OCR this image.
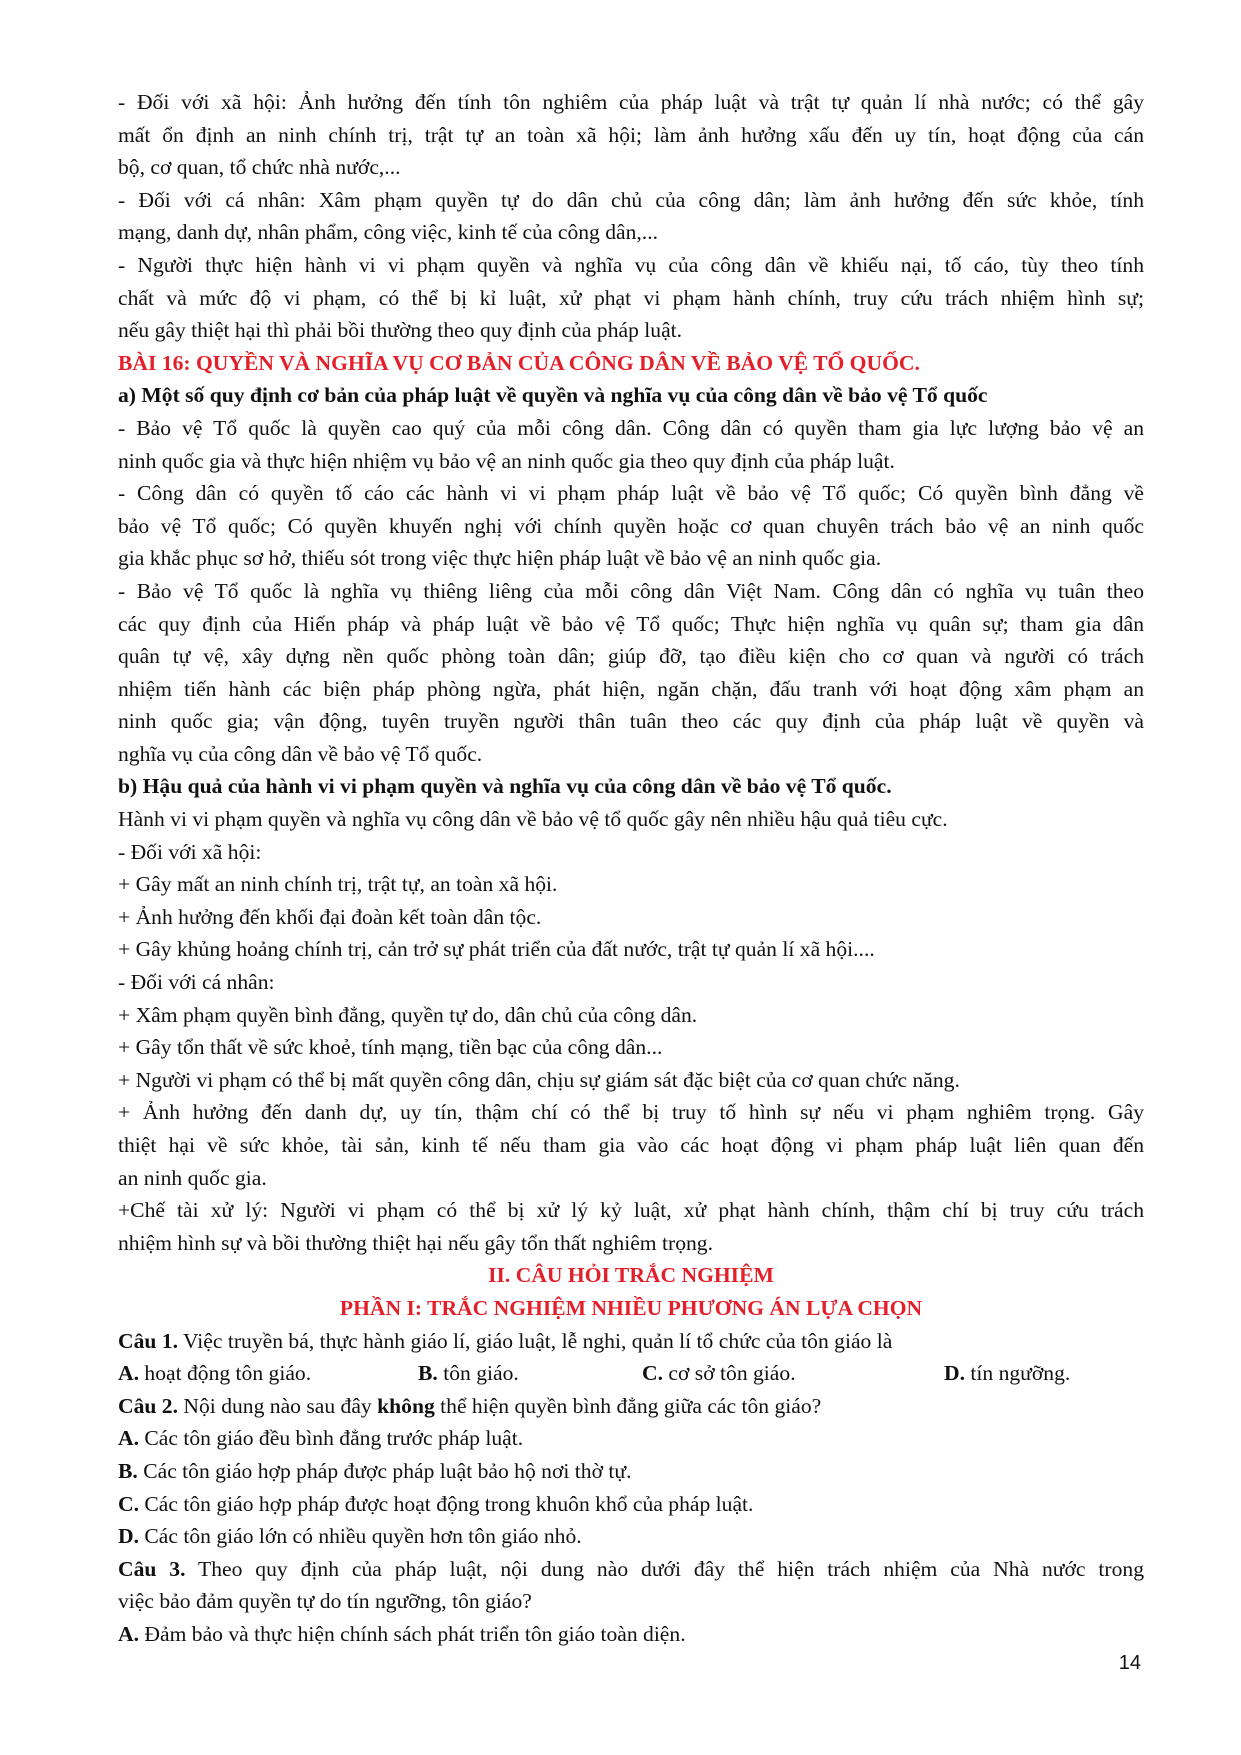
- Đối với xã hội: Ảnh hưởng đến tính tôn nghiêm của pháp luật và trật tự quản lí nhà nước; có thể gây
mất ổn định an ninh chính trị, trật tự an toàn xã hội; làm ảnh hưởng xấu đến uy tín, hoạt động của cán
bộ, cơ quan, tổ chức nhà nước,...
- Đối với cá nhân: Xâm phạm quyền tự do dân chủ của công dân; làm ảnh hưởng đến sức khỏe, tính
mạng, danh dự, nhân phẩm, công việc, kinh tế của công dân,...
- Người thực hiện hành vi vi phạm quyền và nghĩa vụ của công dân về khiếu nại, tố cáo, tùy theo tính
chất và mức độ vi phạm, có thể bị kỉ luật, xử phạt vi phạm hành chính, truy cứu trách nhiệm hình sự;
nếu gây thiệt hại thì phải bồi thường theo quy định của pháp luật.
BÀI 16: QUYỀN VÀ NGHĨA VỤ CƠ BẢN CỦA CÔNG DÂN VỀ BẢO VỆ TỔ QUỐC.
a) Một số quy định cơ bản của pháp luật về quyền và nghĩa vụ của công dân về bảo vệ Tổ quốc
- Bảo vệ Tổ quốc là quyền cao quý của mỗi công dân. Công dân có quyền tham gia lực lượng bảo vệ an
ninh quốc gia và thực hiện nhiệm vụ bảo vệ an ninh quốc gia theo quy định của pháp luật.
- Công dân có quyền tố cáo các hành vi vi phạm pháp luật về bảo vệ Tổ quốc; Có quyền bình đẳng về
bảo vệ Tổ quốc; Có quyền khuyến nghị với chính quyền hoặc cơ quan chuyên trách bảo vệ an ninh quốc
gia khắc phục sơ hở, thiếu sót trong việc thực hiện pháp luật về bảo vệ an ninh quốc gia.
- Bảo vệ Tổ quốc là nghĩa vụ thiêng liêng của mỗi công dân Việt Nam. Công dân có nghĩa vụ tuân theo
các quy định của Hiến pháp và pháp luật về bảo vệ Tổ quốc; Thực hiện nghĩa vụ quân sự; tham gia dân
quân tự vệ, xây dựng nền quốc phòng toàn dân; giúp đỡ, tạo điều kiện cho cơ quan và người có trách
nhiệm tiến hành các biện pháp phòng ngừa, phát hiện, ngăn chặn, đấu tranh với hoạt động xâm phạm an
ninh quốc gia; vận động, tuyên truyền người thân tuân theo các quy định của pháp luật về quyền và
nghĩa vụ của công dân về bảo vệ Tổ quốc.
b) Hậu quả của hành vi vi phạm quyền và nghĩa vụ của công dân về bảo vệ Tổ quốc.
Hành vi vi phạm quyền và nghĩa vụ công dân về bảo vệ tổ quốc gây nên nhiều hậu quả tiêu cực.
- Đối với xã hội:
+ Gây mất an ninh chính trị, trật tự, an toàn xã hội.
+ Ảnh hưởng đến khối đại đoàn kết toàn dân tộc.
+ Gây khủng hoảng chính trị, cản trở sự phát triển của đất nước, trật tự quản lí xã hội....
- Đối với cá nhân:
+ Xâm phạm quyền bình đẳng, quyền tự do, dân chủ của công dân.
+ Gây tổn thất về sức khoẻ, tính mạng, tiền bạc của công dân...
+ Người vi phạm có thể bị mất quyền công dân, chịu sự giám sát đặc biệt của cơ quan chức năng.
+ Ảnh hưởng đến danh dự, uy tín, thậm chí có thể bị truy tố hình sự nếu vi phạm nghiêm trọng. Gây
thiệt hại về sức khỏe, tài sản, kinh tế nếu tham gia vào các hoạt động vi phạm pháp luật liên quan đến
an ninh quốc gia.
+Chế tài xử lý: Người vi phạm có thể bị xử lý kỷ luật, xử phạt hành chính, thậm chí bị truy cứu trách
nhiệm hình sự và bồi thường thiệt hại nếu gây tổn thất nghiêm trọng.
II. CÂU HỎI TRẮC NGHIỆM
PHẦN I: TRẮC NGHIỆM NHIỀU PHƯƠNG ÁN LỰA CHỌN
Câu 1. Việc truyền bá, thực hành giáo lí, giáo luật, lễ nghi, quản lí tổ chức của tôn giáo là
A. hoạt động tôn giáo.	B. tôn giáo.	C. cơ sở tôn giáo.	D. tín ngưỡng.
Câu 2. Nội dung nào sau đây không thể hiện quyền bình đẳng giữa các tôn giáo?
A. Các tôn giáo đều bình đẳng trước pháp luật.
B. Các tôn giáo hợp pháp được pháp luật bảo hộ nơi thờ tự.
C. Các tôn giáo hợp pháp được hoạt động trong khuôn khổ của pháp luật.
D. Các tôn giáo lớn có nhiều quyền hơn tôn giáo nhỏ.
Câu 3. Theo quy định của pháp luật, nội dung nào dưới đây thể hiện trách nhiệm của Nhà nước trong
việc bảo đảm quyền tự do tín ngưỡng, tôn giáo?
A. Đảm bảo và thực hiện chính sách phát triển tôn giáo toàn diện.
14
